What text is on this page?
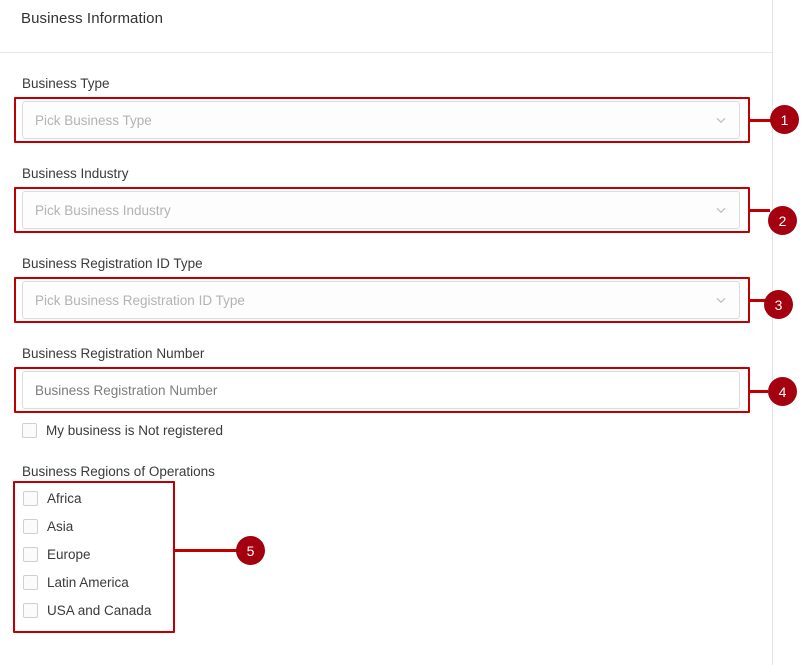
Business Information
Business Type
Pick Business Type	1
Business Industry
Pick Business Industry
2
Business Registration ID Type
Pick Business Registration ID Type	3
Business Registration Number
Business Registration Number	4
My business is Not registered
Business Regions of Operations
Africa
Asia
Europe
Latin America
USA and Canada
5
